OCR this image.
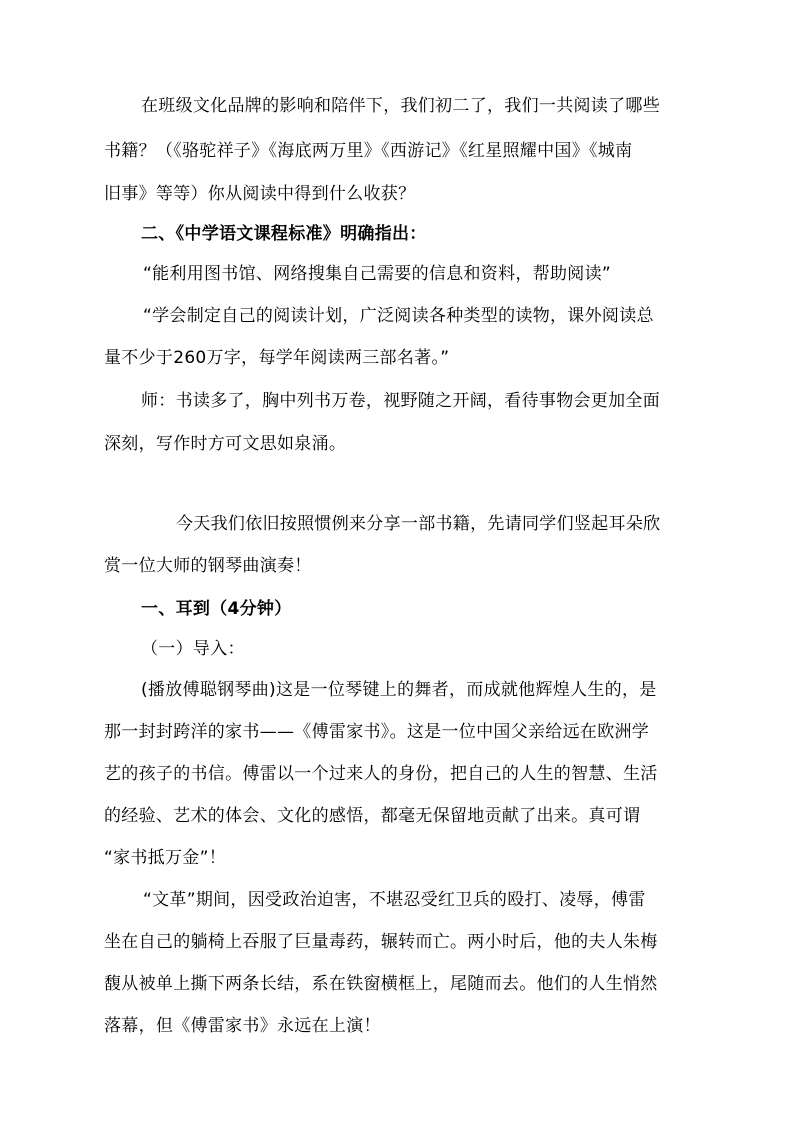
在班级文化品牌的影响和陪伴下，我们初二了，我们一共阅读了哪些
书籍？（《骆驼祥子》《海底两万里》《西游记》《红星照耀中国》《城南
旧事》等等）你从阅读中得到什么收获？
二、《中学语文课程标准》明确指出：
“能利用图书馆、网络搜集自己需要的信息和资料，帮助阅读”
“学会制定自己的阅读计划，广泛阅读各种类型的读物，课外阅读总
量不少于260万字，每学年阅读两三部名著。”
师：书读多了，胸中列书万卷，视野随之开阔，看待事物会更加全面
深刻，写作时方可文思如泉涌。
今天我们依旧按照惯例来分享一部书籍，先请同学们竖起耳朵欣
赏一位大师的钢琴曲演奏！
一、耳到（4分钟）
（一）导入：
(播放傅聪钢琴曲)这是一位琴键上的舞者，而成就他辉煌人生的，是
那一封封跨洋的家书——《傅雷家书》。这是一位中国父亲给远在欧洲学
艺的孩子的书信。傅雷以一个过来人的身份，把自己的人生的智慧、生活
的经验、艺术的体会、文化的感悟，都毫无保留地贡献了出来。真可谓
“家书抵万金”！
“文革”期间，因受政治迫害，不堪忍受红卫兵的殴打、凌辱，傅雷
坐在自己的躺椅上吞服了巨量毒药，辗转而亡。两小时后，他的夫人朱梅
馥从被单上撕下两条长结，系在铁窗横框上，尾随而去。他们的人生悄然
落幕，但《傅雷家书》永远在上演！
